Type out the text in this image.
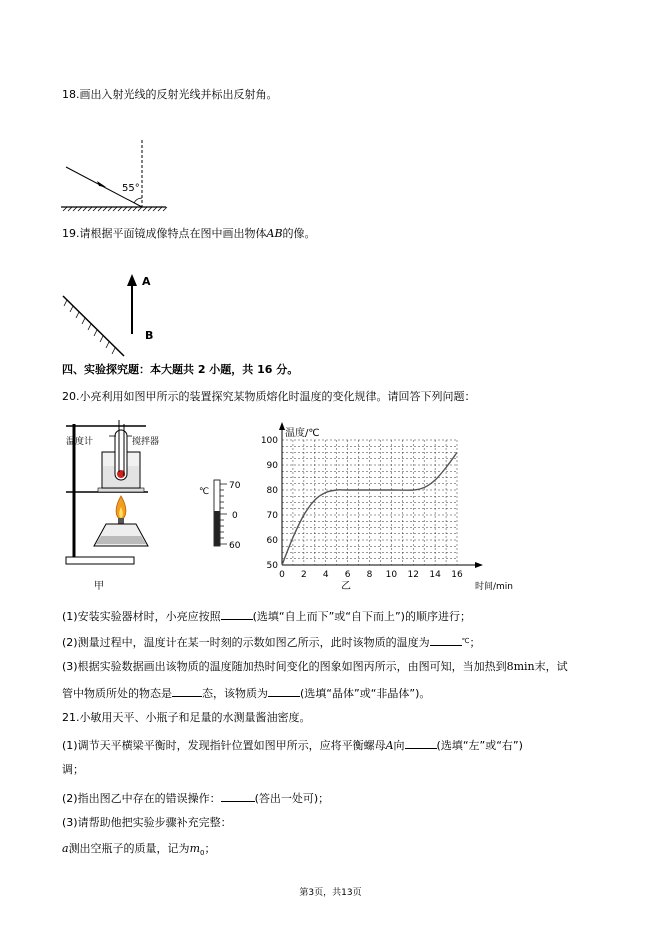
18.画出入射光线的反射光线并标出反射角。
55°
19.请根据平面镜成像特点在图中画出物体AB的像。
A
B
四、实验探究题：本大题共 2 小题，共 16 分。
20.小亮利用如图甲所示的装置探究某物质熔化时温度的变化规律。请回答下列问题：
温度计	搅拌器
甲
℃
70
0
60
0 2 4 6 8 10 12 14 16
50
60
70
80
90
100
温度/℃
时间/min
乙
(1)安装实验器材时，小亮应按照	(选填“自上而下”或“自下而上”)的顺序进行；
(2)测量过程中，温度计在某一时刻的示数如图乙所示，此时该物质的温度为	℃；
(3)根据实验数据画出该物质的温度随加热时间变化的图象如图丙所示，由图可知，当加热到8min末，试
管中物质所处的物态是	态，该物质为	(选填“晶体”或“非晶体”)。
21.小敏用天平、小瓶子和足量的水测量酱油密度。
(1)调节天平横梁平衡时，发现指针位置如图甲所示，应将平衡螺母A向	(选填“左”或“右”)
调；
(2)指出图乙中存在的错误操作：	(答出一处可)；
(3)请帮助他把实验步骤补充完整：
a测出空瓶子的质量，记为$m_0$；
第3页，共13页
